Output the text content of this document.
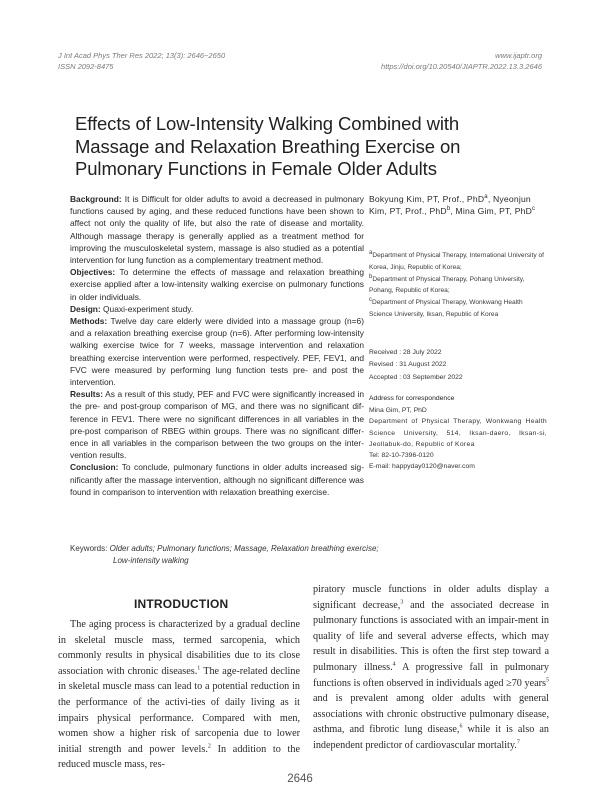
J Int Acad Phys Ther Res 2022; 13(3): 2646~2650
ISSN 2092-8475
www.ijaptr.org
https://doi.org/10.20540/JIAPTR.2022.13.3.2646
Effects of Low-Intensity Walking Combined with Massage and Relaxation Breathing Exercise on Pulmonary Functions in Female Older Adults

Background: It is Difficult for older adults to avoid a decreased in pulmonary functions caused by aging, and these reduced functions have been shown to affect not only the quality of life, but also the rate of disease and mortality. Although massage therapy is generally applied as a treatment method for improving the musculoskeletal system, massage is also studied as a potential intervention for lung function as a complementary treatment method.

Objectives: To determine the effects of massage and relaxation breathing exercise applied after a low-intensity walking exercise on pulmonary functions in older individuals.

Design: Quaxi-experiment study.

Methods: Twelve day care elderly were divided into a massage group (n=6) and a relaxation breathing exercise group (n=6). After performing low-intensity walking exercise twice for 7 weeks, massage intervention and relaxation breathing exercise intervention were performed, respectively. PEF, FEV1, and FVC were measured by performing lung function tests pre- and post the intervention.

Results: As a result of this study, PEF and FVC were significantly increased in the pre- and post-group comparison of MG, and there was no significant dif-ference in FEV1. There were no significant differences in all variables in the pre-post comparison of RBEG within groups. There was no significant differ-ence in all variables in the comparison between the two groups on the inter-vention results.

Conclusion: To conclude, pulmonary functions in older adults increased sig-nificantly after the massage intervention, although no significant difference was found in comparison to intervention with relaxation breathing exercise.

Bokyung Kim, PT, Prof., PhD$^a$, Nyeonjun Kim, PT, Prof., PhD$^b$, Mina Gim, PT, PhD$^c$
$^a$Department of Physical Therapy, International University of Korea, Jinju, Republic of Korea;
$^b$Department of Physical Therapy, Pohang University, Pohang, Republic of Korea;
$^c$Department of Physical Therapy, Wonkwang Health Science University, Iksan, Republic of Korea
Received : 28 July 2022
Revised : 31 August 2022
Accepted : 03 September 2022
Address for correspondence
Mina Gim, PT, PhD
Department of Physical Therapy, Wonkwang Health Science University, 514, Iksan-daero, Iksan-si, Jeollabuk-do, Republic of Korea
Tel: 82-10-7396-0120
E-mail: happyday0120@naver.com
Keywords: Older adults; Pulmonary functions; Massage, Relaxation breathing exercise;
Low-intensity walking
INTRODUCTION

The aging process is characterized by a gradual decline in skeletal muscle mass, termed sarcopenia, which commonly results in physical disabilities due to its close association with chronic diseases.$^1$ The age-related decline in skeletal muscle mass can lead to a potential reduction in the performance of the activi-ties of daily living as it impairs physical performance. Compared with men, women show a higher risk of sarcopenia due to lower initial strength and power levels.$^2$ In addition to the reduced muscle mass, res-

piratory muscle functions in older adults display a significant decrease,$^3$ and the associated decrease in pulmonary functions is associated with an impair-ment in quality of life and several adverse effects, which may result in disabilities. This is often the first step toward a pulmonary illness.$^4$ A progressive fall in pulmonary functions is often observed in individuals aged ≥70 years$^5$ and is prevalent among older adults with general associations with chronic obstructive pulmonary disease, asthma, and fibrotic lung disease,$^6$ while it is also an independent predictor of cardiovascular mortality.$^7$

2646
